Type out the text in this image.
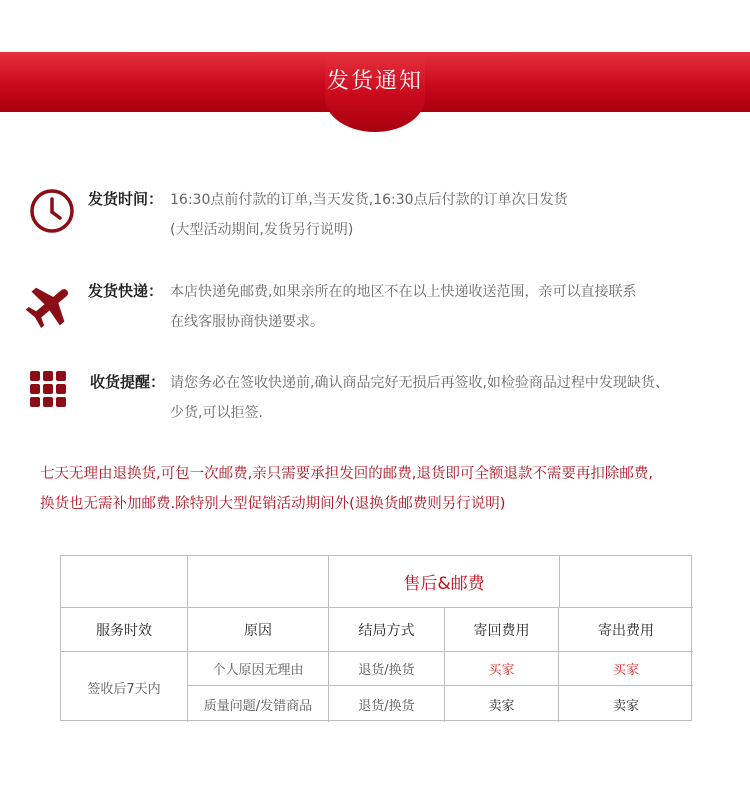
发货通知
发货时间： 16:30点前付款的订单,当天发货,16:30点后付款的订单次日发货
(大型活动期间,发货另行说明)
发货快递： 本店快递免邮费,如果亲所在的地区不在以上快递收送范围，亲可以直接联系
在线客服协商快递要求。
收货提醒： 请您务必在签收快递前,确认商品完好无损后再签收,如检验商品过程中发现缺货、
少货,可以拒签.
七天无理由退换货,可包一次邮费,亲只需要承担发回的邮费,退货即可全额退款不需要再扣除邮费,
换货也无需补加邮费.除特别大型促销活动期间外(退换货邮费则另行说明)
售后&邮费
服务时效	原因	结局方式	寄回费用	寄出费用
签收后7天内
个人原因无理由	退货/换货	买家	买家
质量问题/发错商品	退货/换货	卖家	卖家
